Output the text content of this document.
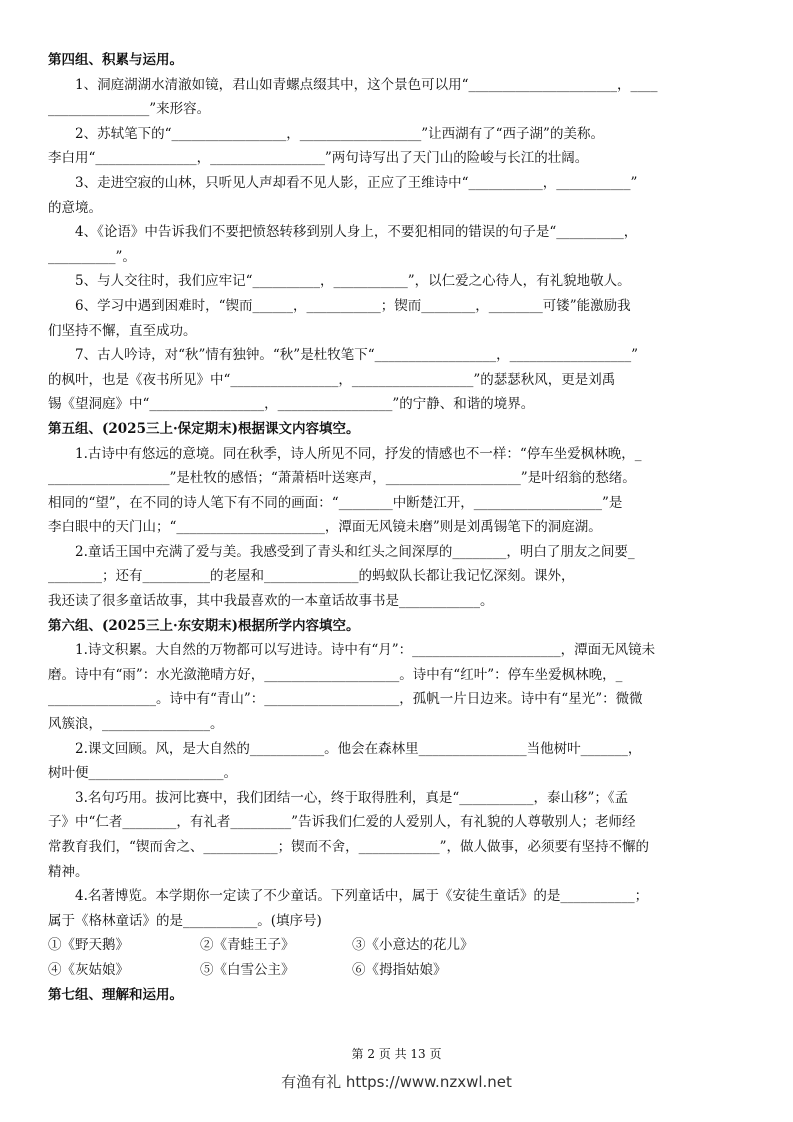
第四组、积累与运用。
1、洞庭湖湖水清澈如镜，君山如青螺点缀其中，这个景色可以用“______________________，____
_______________”来形容。
2、苏轼笔下的“_________________，__________________”让西湖有了“西子湖”的美称。
李白用“_______________，_________________”两句诗写出了天门山的险峻与长江的壮阔。
3、走进空寂的山林，只听见人声却看不见人影，正应了王维诗中“___________，___________”
的意境。
4、《论语》中告诉我们不要把愤怒转移到别人身上，不要犯相同的错误的句子是“__________，
__________”。
5、与人交往时，我们应牢记“__________，___________”，以仁爱之心待人，有礼貌地敬人。
6、学习中遇到困难时，“锲而______，___________；锲而________，________可镂”能激励我
们坚持不懈，直至成功。
7、古人吟诗，对“秋”情有独钟。“秋”是杜牧笔下“__________________，__________________”
的枫叶，也是《夜书所见》中“________________，__________________”的瑟瑟秋风，更是刘禹
锡《望洞庭》中“_________________，_________________”的宁静、和谐的境界。
第五组、(2025三上·保定期末)根据课文内容填空。
1.古诗中有悠远的意境。同在秋季，诗人所见不同，抒发的情感也不一样：“停车坐爱枫林晚，_
__________________”是杜牧的感悟；“萧萧梧叶送寒声，____________________”是叶绍翁的愁绪。
相同的“望”，在不同的诗人笔下有不同的画面：“________中断楚江开，___________________”是
李白眼中的天门山；“______________________，潭面无风镜未磨”则是刘禹锡笔下的洞庭湖。
2.童话王国中充满了爱与美。我感受到了青头和红头之间深厚的________，明白了朋友之间要_
________；还有__________的老屋和______________的蚂蚁队长都让我记忆深刻。课外，
我还读了很多童话故事，其中我最喜欢的一本童话故事书是____________。
第六组、(2025三上·东安期末)根据所学内容填空。
1.诗文积累。大自然的万物都可以写进诗。诗中有“月”：______________________，潭面无风镜未
磨。诗中有“雨”：水光潋滟晴方好，____________________。诗中有“红叶”：停车坐爱枫林晚，_
________________。诗中有“青山”：____________________，孤帆一片日边来。诗中有“星光”：微微
风簇浪，________________。
2.课文回顾。风，是大自然的___________。他会在森林里________________当他树叶_______，
树叶便____________________。
3.名句巧用。拔河比赛中，我们团结一心，终于取得胜利，真是“___________，泰山移”；《孟
子》中“仁者________，有礼者_________”告诉我们仁爱的人爱别人，有礼貌的人尊敬别人；老师经
常教育我们，“锲而舍之、___________；锲而不舍，____________”，做人做事，必须要有坚持不懈的
精神。
4.名著博览。本学期你一定读了不少童话。下列童话中，属于《安徒生童话》的是___________；
属于《格林童话》的是___________。(填序号)
①《野天鹅》	②《青蛙王子》	③《小意达的花儿》
④《灰姑娘》	⑤《白雪公主》	⑥《拇指姑娘》
第七组、理解和运用。
第 2 页 共 13 页
有渔有礼 https://www.nzxwl.net
